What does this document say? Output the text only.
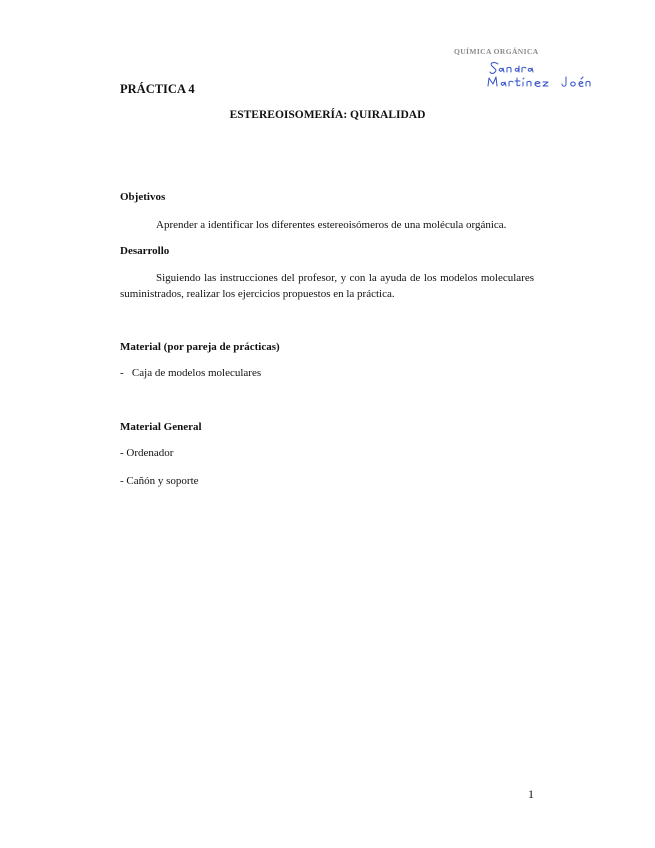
QUÍMICA ORGÁNICA
PRÁCTICA 4
ESTEREOISOMERÍA: QUIRALIDAD
Objetivos
Aprender a identificar los diferentes estereoisómeros de una molécula orgánica.
Desarrollo
Siguiendo las instrucciones del profesor, y con la ayuda de los modelos moleculares suministrados, realizar los ejercicios propuestos en la práctica.
Material (por pareja de prácticas)
-   Caja de modelos moleculares
Material General
- Ordenador
- Cañón y soporte
1
